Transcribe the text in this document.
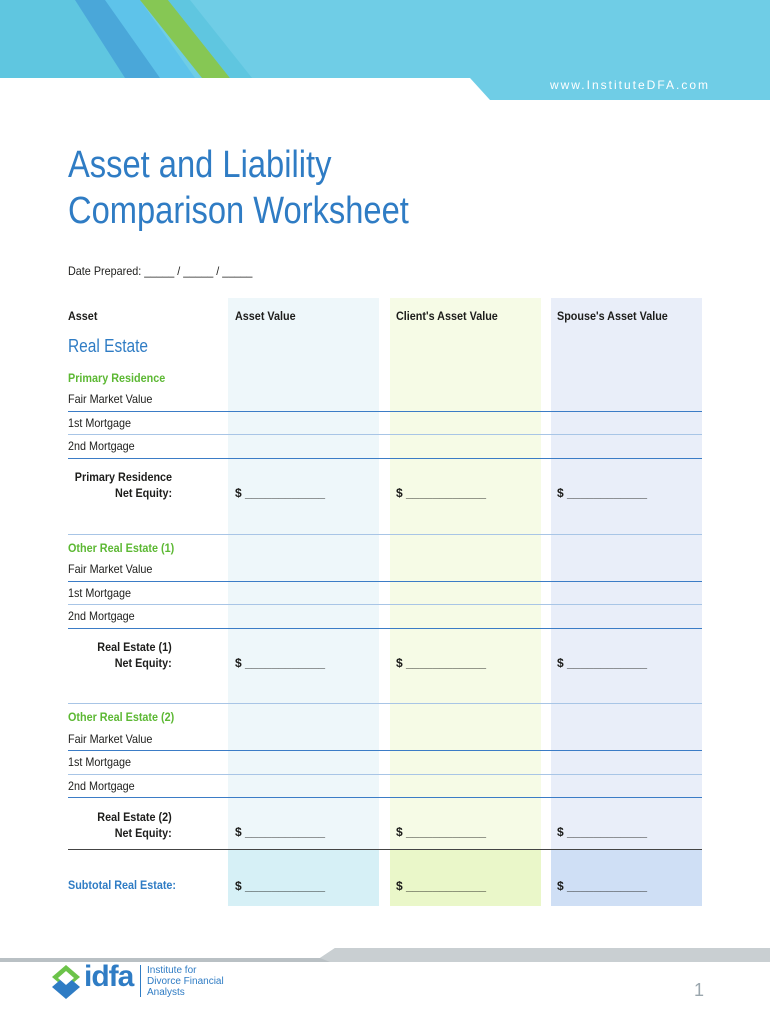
www.InstituteDFA.com
Asset and Liability
Comparison Worksheet
Date Prepared: _____ / _____ / _____
Asset	Asset Value	Client's Asset Value	Spouse's Asset Value
Real Estate
Primary Residence
Fair Market Value
1st Mortgage
2nd Mortgage
Primary Residence
Net Equity:	$ ____________	$ ____________	$ ____________
Other Real Estate (1)
Fair Market Value
1st Mortgage
2nd Mortgage
Real Estate (1)
Net Equity:	$ ____________	$ ____________	$ ____________
Other Real Estate (2)
Fair Market Value
1st Mortgage
2nd Mortgage
Real Estate (2)
Net Equity:	$ ____________	$ ____________	$ ____________
Subtotal Real Estate:	$ ____________	$ ____________	$ ____________
idfa Institute for
Divorce Financial
Analysts	1
